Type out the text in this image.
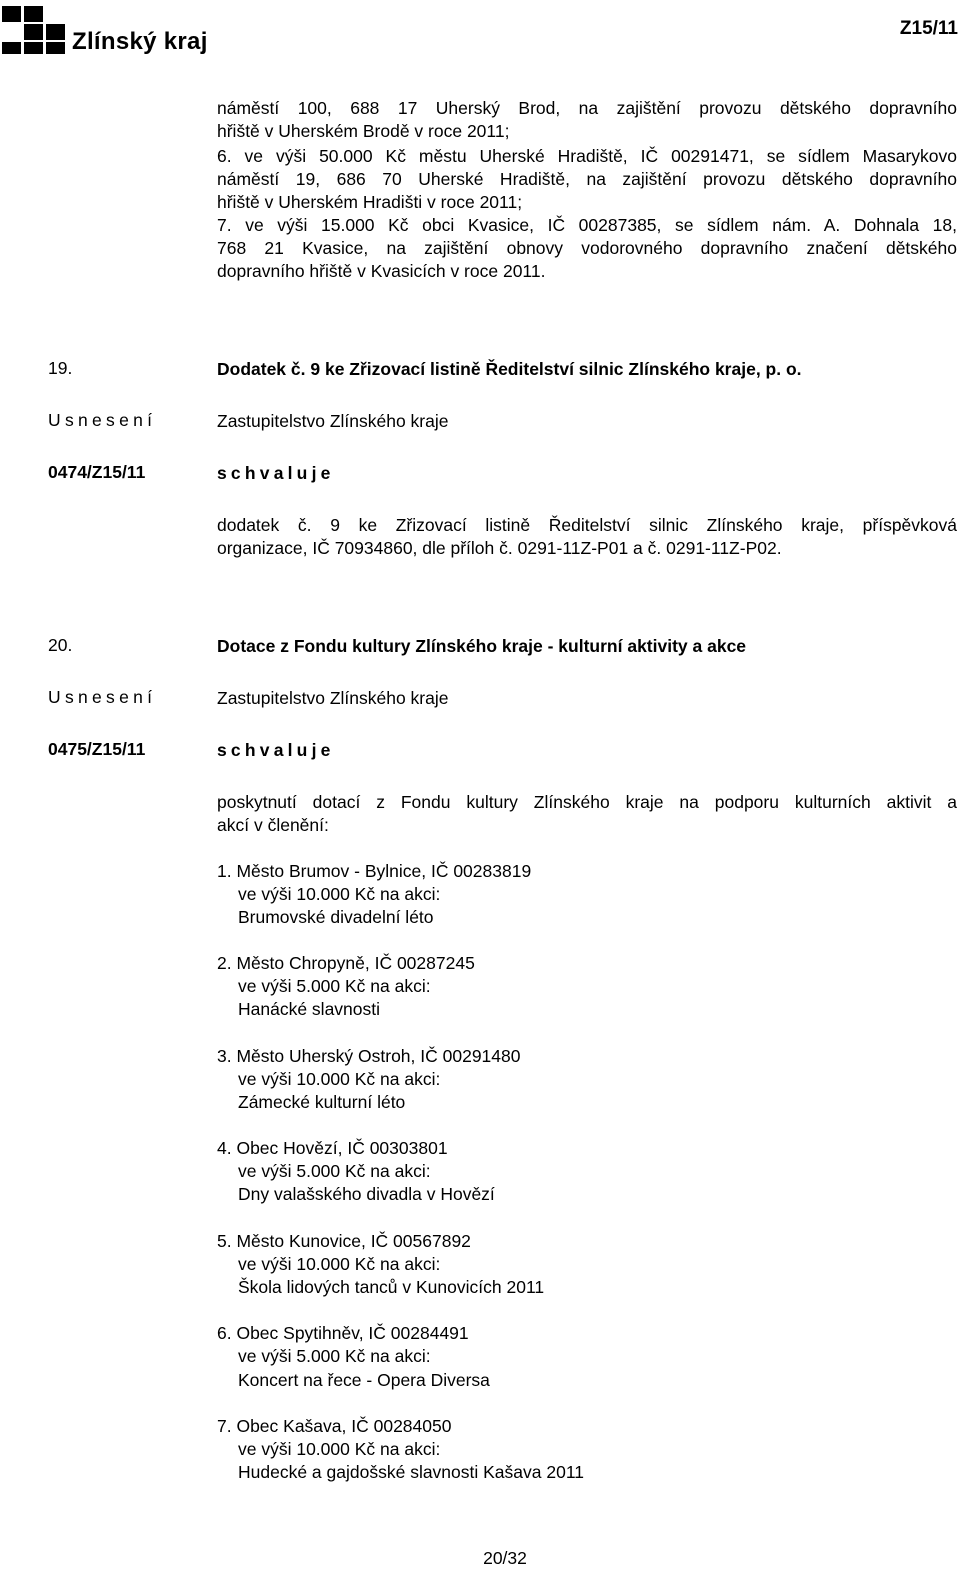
Zlínský kraj	Z15/11
náměstí 100, 688 17 Uherský Brod, na zajištění provozu dětského dopravního
hřiště v Uherském Brodě v roce 2011;
6. ve výši 50.000 Kč městu Uherské Hradiště, IČ 00291471, se sídlem Masarykovo
náměstí 19, 686 70 Uherské Hradiště, na zajištění provozu dětského dopravního
hřiště v Uherském Hradišti v roce 2011;
7. ve výši 15.000 Kč obci Kvasice, IČ 00287385, se sídlem nám. A. Dohnala 18,
768 21 Kvasice, na zajištění obnovy vodorovného dopravního značení dětského
dopravního hřiště v Kvasicích v roce 2011.
19.	Dodatek č. 9 ke Zřizovací listině Ředitelství silnic Zlínského kraje, p. o.
Usnesení	Zastupitelstvo Zlínského kraje
0474/Z15/11	schvaluje
dodatek č. 9 ke Zřizovací listině Ředitelství silnic Zlínského kraje, příspěvková
organizace, IČ 70934860, dle příloh č. 0291-11Z-P01 a č. 0291-11Z-P02.
20.	Dotace z Fondu kultury Zlínského kraje - kulturní aktivity a akce
Usnesení	Zastupitelstvo Zlínského kraje
0475/Z15/11	schvaluje
poskytnutí dotací z Fondu kultury Zlínského kraje na podporu kulturních aktivit a
akcí v členění:
1. Město Brumov - Bylnice, IČ 00283819
ve výši 10.000 Kč na akci:
Brumovské divadelní léto
2. Město Chropyně, IČ 00287245
ve výši 5.000 Kč na akci:
Hanácké slavnosti
3. Město Uherský Ostroh, IČ 00291480
ve výši 10.000 Kč na akci:
Zámecké kulturní léto
4. Obec Hovězí, IČ 00303801
ve výši 5.000 Kč na akci:
Dny valašského divadla v Hovězí
5. Město Kunovice, IČ 00567892
ve výši 10.000 Kč na akci:
Škola lidových tanců v Kunovicích 2011
6. Obec Spytihněv, IČ 00284491
ve výši 5.000 Kč na akci:
Koncert na řece - Opera Diversa
7. Obec Kašava, IČ 00284050
ve výši 10.000 Kč na akci:
Hudecké a gajdošské slavnosti Kašava 2011
20/32
